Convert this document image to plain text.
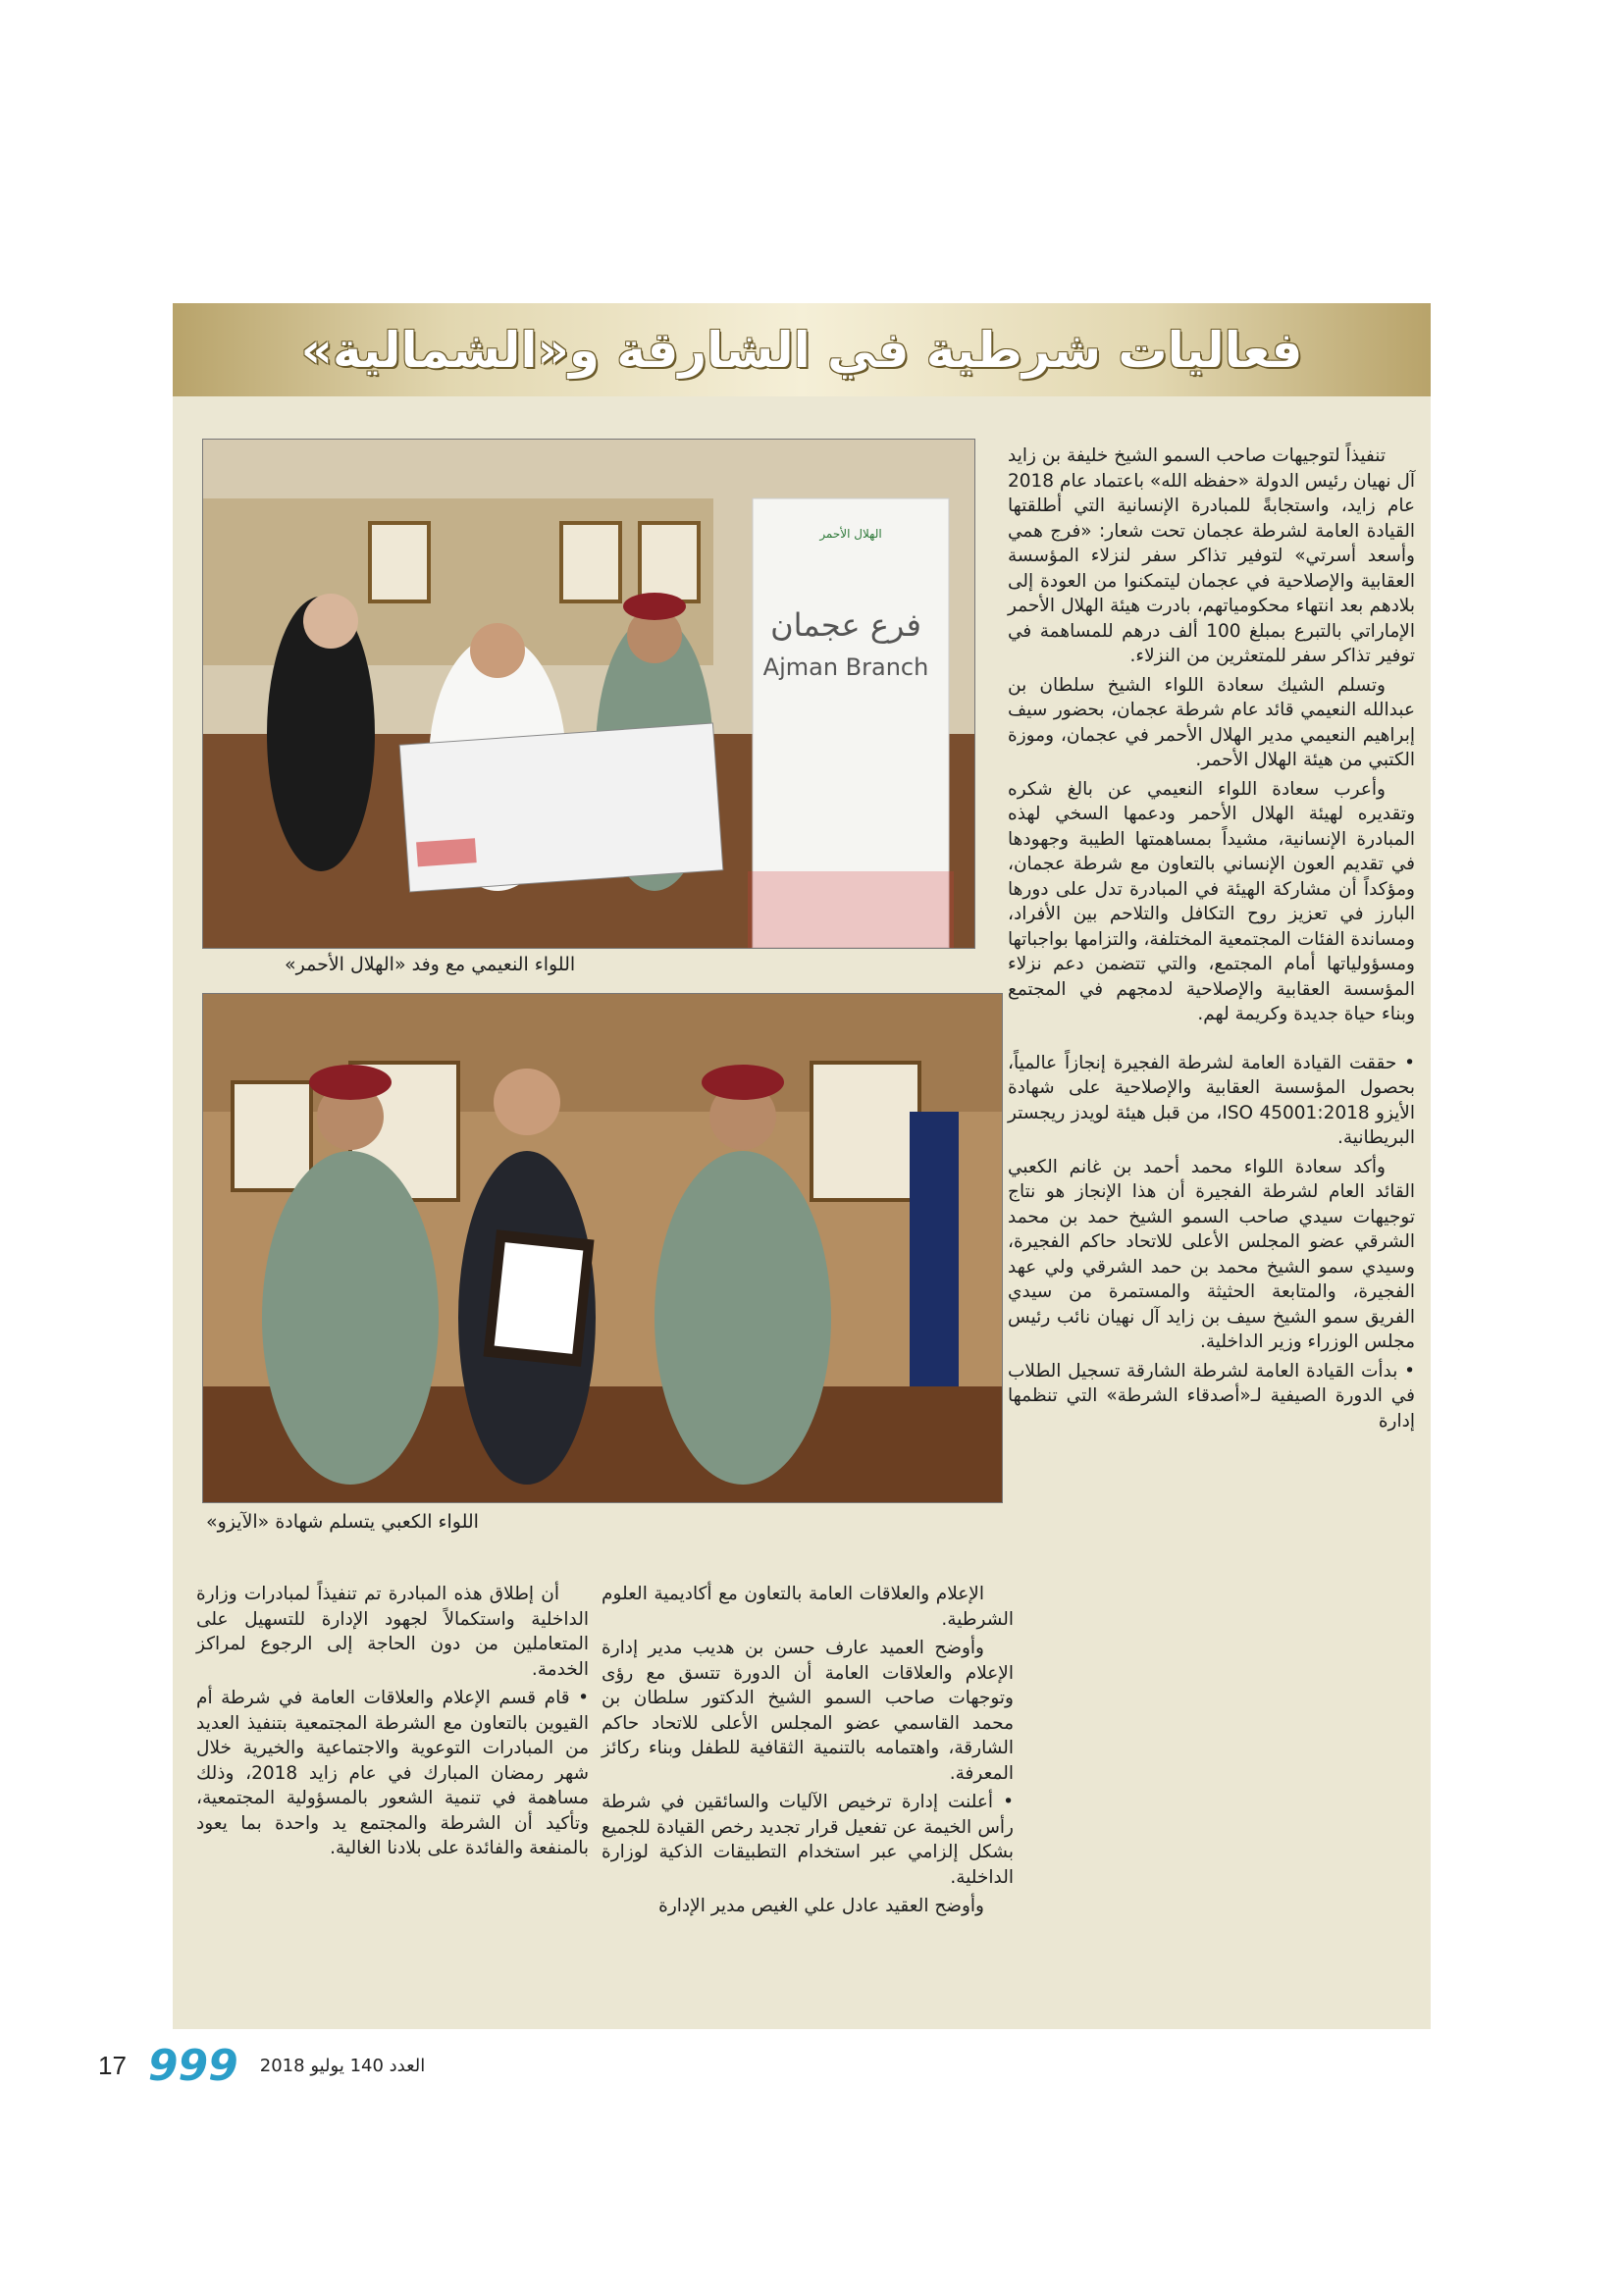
فعاليات شرطية في الشارقة و«الشمالية»
الهلال الأحمر
فرع عجمان
Ajman Branch
اللواء النعيمي مع وفد «الهلال الأحمر»
اللواء الكعبي يتسلم شهادة «الآيزو»

تنفيذاً لتوجيهات صاحب السمو الشيخ خليفة بن زايد آل نهيان رئيس الدولة «حفظه الله» باعتماد عام 2018 عام زايد، واستجابةً للمبادرة الإنسانية التي أطلقتها القيادة العامة لشرطة عجمان تحت شعار: «فرج همي وأسعد أسرتي» لتوفير تذاكر سفر لنزلاء المؤسسة العقابية والإصلاحية في عجمان ليتمكنوا من العودة إلى بلادهم بعد انتهاء محكومياتهم، بادرت هيئة الهلال الأحمر الإماراتي بالتبرع بمبلغ 100 ألف درهم للمساهمة في توفير تذاكر سفر للمتعثرين من النزلاء.

وتسلم الشيك سعادة اللواء الشيخ سلطان بن عبدالله النعيمي قائد عام شرطة عجمان، بحضور سيف إبراهيم النعيمي مدير الهلال الأحمر في عجمان، وموزة الكتبي من هيئة الهلال الأحمر.

وأعرب سعادة اللواء النعيمي عن بالغ شكره وتقديره لهيئة الهلال الأحمر ودعمها السخي لهذه المبادرة الإنسانية، مشيداً بمساهمتها الطيبة وجهودها في تقديم العون الإنساني بالتعاون مع شرطة عجمان، ومؤكداً أن مشاركة الهيئة في المبادرة تدل على دورها البارز في تعزيز روح التكافل والتلاحم بين الأفراد، ومساندة الفئات المجتمعية المختلفة، والتزامها بواجباتها ومسؤولياتها أمام المجتمع، والتي تتضمن دعم نزلاء المؤسسة العقابية والإصلاحية لدمجهم في المجتمع وبناء حياة جديدة وكريمة لهم.

• حققت القيادة العامة لشرطة الفجيرة إنجازاً عالمياً، بحصول المؤسسة العقابية والإصلاحية على شهادة الأيزو ISO 45001:2018، من قبل هيئة لويدز ريجستر البريطانية.

وأكد سعادة اللواء محمد أحمد بن غانم الكعبي القائد العام لشرطة الفجيرة أن هذا الإنجاز هو نتاج توجيهات سيدي صاحب السمو الشيخ حمد بن محمد الشرقي عضو المجلس الأعلى للاتحاد حاكم الفجيرة، وسيدي سمو الشيخ محمد بن حمد الشرقي ولي عهد الفجيرة، والمتابعة الحثيثة والمستمرة من سيدي الفريق سمو الشيخ سيف بن زايد آل نهيان نائب رئيس مجلس الوزراء وزير الداخلية.

• بدأت القيادة العامة لشرطة الشارقة تسجيل الطلاب في الدورة الصيفية لـ«أصدقاء الشرطة» التي تنظمها إدارة

الإعلام والعلاقات العامة بالتعاون مع أكاديمية العلوم الشرطية.

وأوضح العميد عارف حسن بن هديب مدير إدارة الإعلام والعلاقات العامة أن الدورة تتسق مع رؤى وتوجهات صاحب السمو الشيخ الدكتور سلطان بن محمد القاسمي عضو المجلس الأعلى للاتحاد حاكم الشارقة، واهتمامه بالتنمية الثقافية للطفل وبناء ركائز المعرفة.

• أعلنت إدارة ترخيص الآليات والسائقين في شرطة رأس الخيمة عن تفعيل قرار تجديد رخص القيادة للجميع بشكل إلزامي عبر استخدام التطبيقات الذكية لوزارة الداخلية.

وأوضح العقيد عادل علي الغيص مدير الإدارة

أن إطلاق هذه المبادرة تم تنفيذاً لمبادرات وزارة الداخلية واستكمالاً لجهود الإدارة للتسهيل على المتعاملين من دون الحاجة إلى الرجوع لمراكز الخدمة.

• قام قسم الإعلام والعلاقات العامة في شرطة أم القيوين بالتعاون مع الشرطة المجتمعية بتنفيذ العديد من المبادرات التوعوية والاجتماعية والخيرية خلال شهر رمضان المبارك في عام زايد 2018، وذلك مساهمة في تنمية الشعور بالمسؤولية المجتمعية، وتأكيد أن الشرطة والمجتمع يد واحدة بما يعود بالمنفعة والفائدة على بلادنا الغالية.

17 999 العدد 140 يوليو 2018
